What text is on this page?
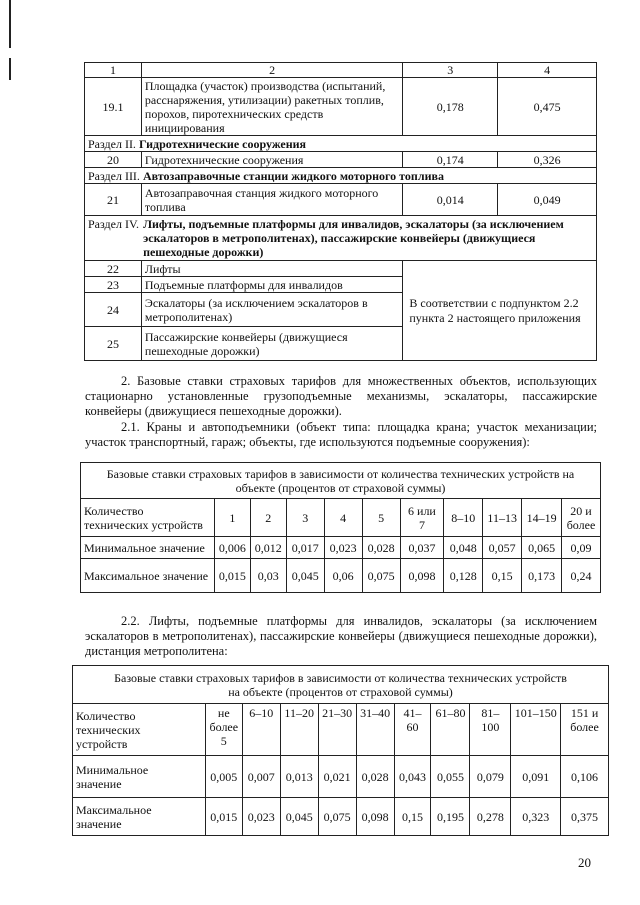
1	2	3	4
19.1	Площадка (участок) производства (испытаний, расснаряжения, утилизации) ракетных топлив, порохов, пиротехнических средств инициирования	0,178	0,475
Раздел II. Гидротехнические сооружения			
20	Гидротехнические сооружения	0,174	0,326
Раздел III. Автозаправочные станции жидкого моторного топлива			
21	Автозаправочная станция жидкого моторного топлива	0,014	0,049

Раздел IV. Лифты, подъемные платформы для инвалидов, эскалаторы (за исключением эскалаторов в метрополитенах), пассажирские конвейеры (движущиеся пешеходные дорожки)			

22	Лифты	В соответствии с подпунктом 2.2 пункта 2 настоящего приложения	
23	Подъемные платформы для инвалидов		
24	Эскалаторы (за исключением эскалаторов в метрополитенах)		
25	Пассажирские конвейеры (движущиеся пешеходные дорожки)		

2. Базовые ставки страховых тарифов для множественных объектов, использующих стационарно установленные грузоподъемные механизмы, эскалаторы, пассажирские конвейеры (движущиеся пешеходные дорожки).

2.1. Краны и автоподъемники (объект типа: площадка крана; участок механизации; участок транспортный, гараж; объекты, где используются подъемные сооружения):

Базовые ставки страховых тарифов в зависимости от количества технических устройств на объекте (процентов от страховой суммы)										
Количество технических устройств	1	2	3	4	5	6 или 7	8–10	11–13	14–19	20 и более
Минимальное значение	0,006	0,012	0,017	0,023	0,028	0,037	0,048	0,057	0,065	0,09
Максимальное значение	0,015	0,03	0,045	0,06	0,075	0,098	0,128	0,15	0,173	0,24

2.2. Лифты, подъемные платформы для инвалидов, эскалаторы (за исключением эскалаторов в метрополитенах), пассажирские конвейеры (движущиеся пешеходные дорожки), дистанция метрополитена:

Базовые ставки страховых тарифов в зависимости от количества технических устройств на объекте (процентов от страховой суммы)										
Количество технических устройств	не более 5	6–10	11–20	21–30	31–40	41–60	61–80	81–100	101–150	151 и более
Минимальное значение	0,005	0,007	0,013	0,021	0,028	0,043	0,055	0,079	0,091	0,106
Максимальное значение	0,015	0,023	0,045	0,075	0,098	0,15	0,195	0,278	0,323	0,375
20
